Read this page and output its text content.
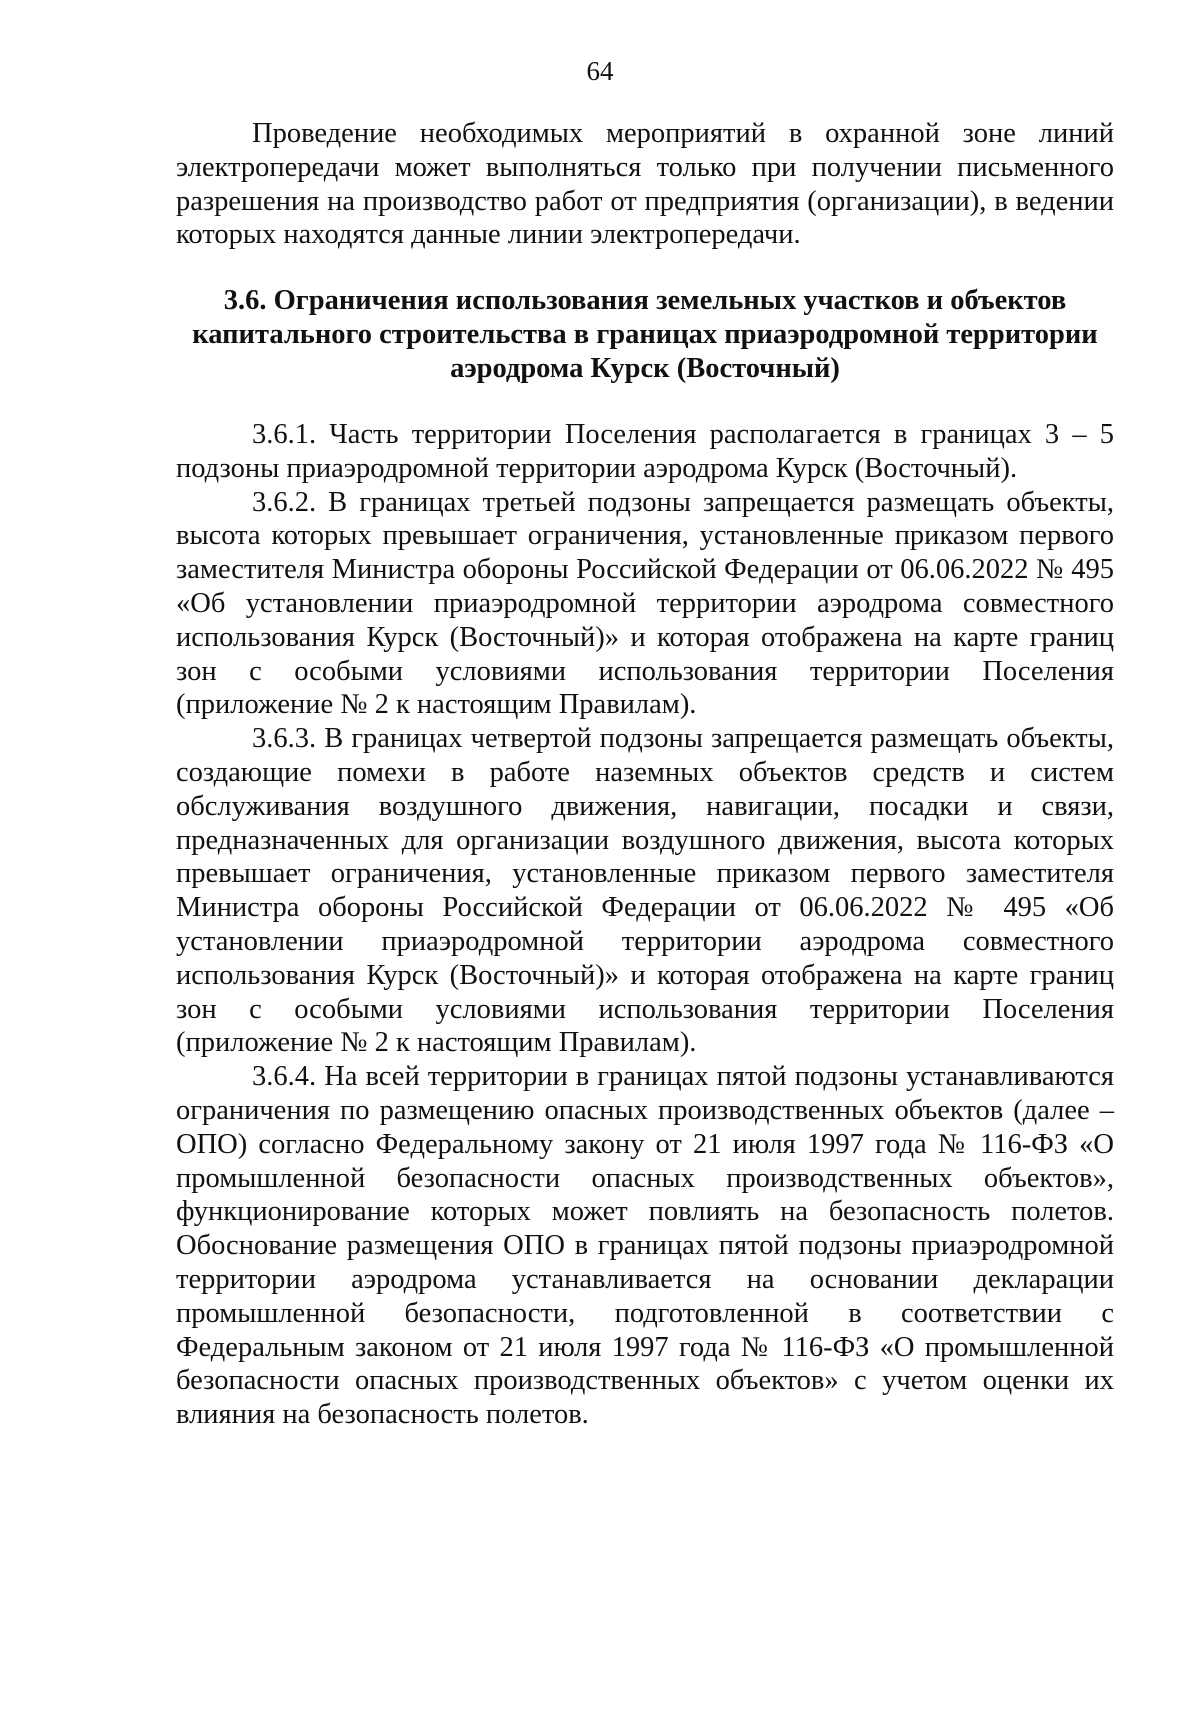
64

Проведение необходимых мероприятий в охранной зоне линий электропередачи может выполняться только при получении письменного разрешения на производство работ от предприятия (организации), в ведении которых находятся данные линии электропередачи.

3.6. Ограничения использования земельных участков и объектов
капитального строительства в границах приаэродромной территории
аэродрома Курск (Восточный)

3.6.1. Часть территории Поселения располагается в границах 3 – 5 подзоны приаэродромной территории аэродрома Курск (Восточный).

3.6.2. В границах третьей подзоны запрещается размещать объекты, высота которых превышает ограничения, установленные приказом первого заместителя Министра обороны Российской Федерации от 06.06.2022 № 495 «Об установлении приаэродромной территории аэродрома совместного использования Курск (Восточный)» и которая отображена на карте границ зон с особыми условиями использования территории Поселения (приложение № 2 к настоящим Правилам).

3.6.3. В границах четвертой подзоны запрещается размещать объекты, создающие помехи в работе наземных объектов средств и систем обслуживания воздушного движения, навигации, посадки и связи, предназначенных для организации воздушного движения, высота которых превышает ограничения, установленные приказом первого заместителя Министра обороны Российской Федерации от 06.06.2022 № 495 «Об установлении приаэродромной территории аэродрома совместного использования Курск (Восточный)» и которая отображена на карте границ зон с особыми условиями использования территории Поселения (приложение № 2 к настоящим Правилам).

3.6.4. На всей территории в границах пятой подзоны устанавливаются ограничения по размещению опасных производственных объектов (далее – ОПО) согласно Федеральному закону от 21 июля 1997 года № 116-ФЗ «О промышленной безопасности опасных производственных объектов», функционирование которых может повлиять на безопасность полетов. Обоснование размещения ОПО в границах пятой подзоны приаэродромной территории аэродрома устанавливается на основании декларации промышленной безопасности, подготовленной в соответствии с Федеральным законом от 21 июля 1997 года № 116-ФЗ «О промышленной безопасности опасных производственных объектов» с учетом оценки их влияния на безопасность полетов.
